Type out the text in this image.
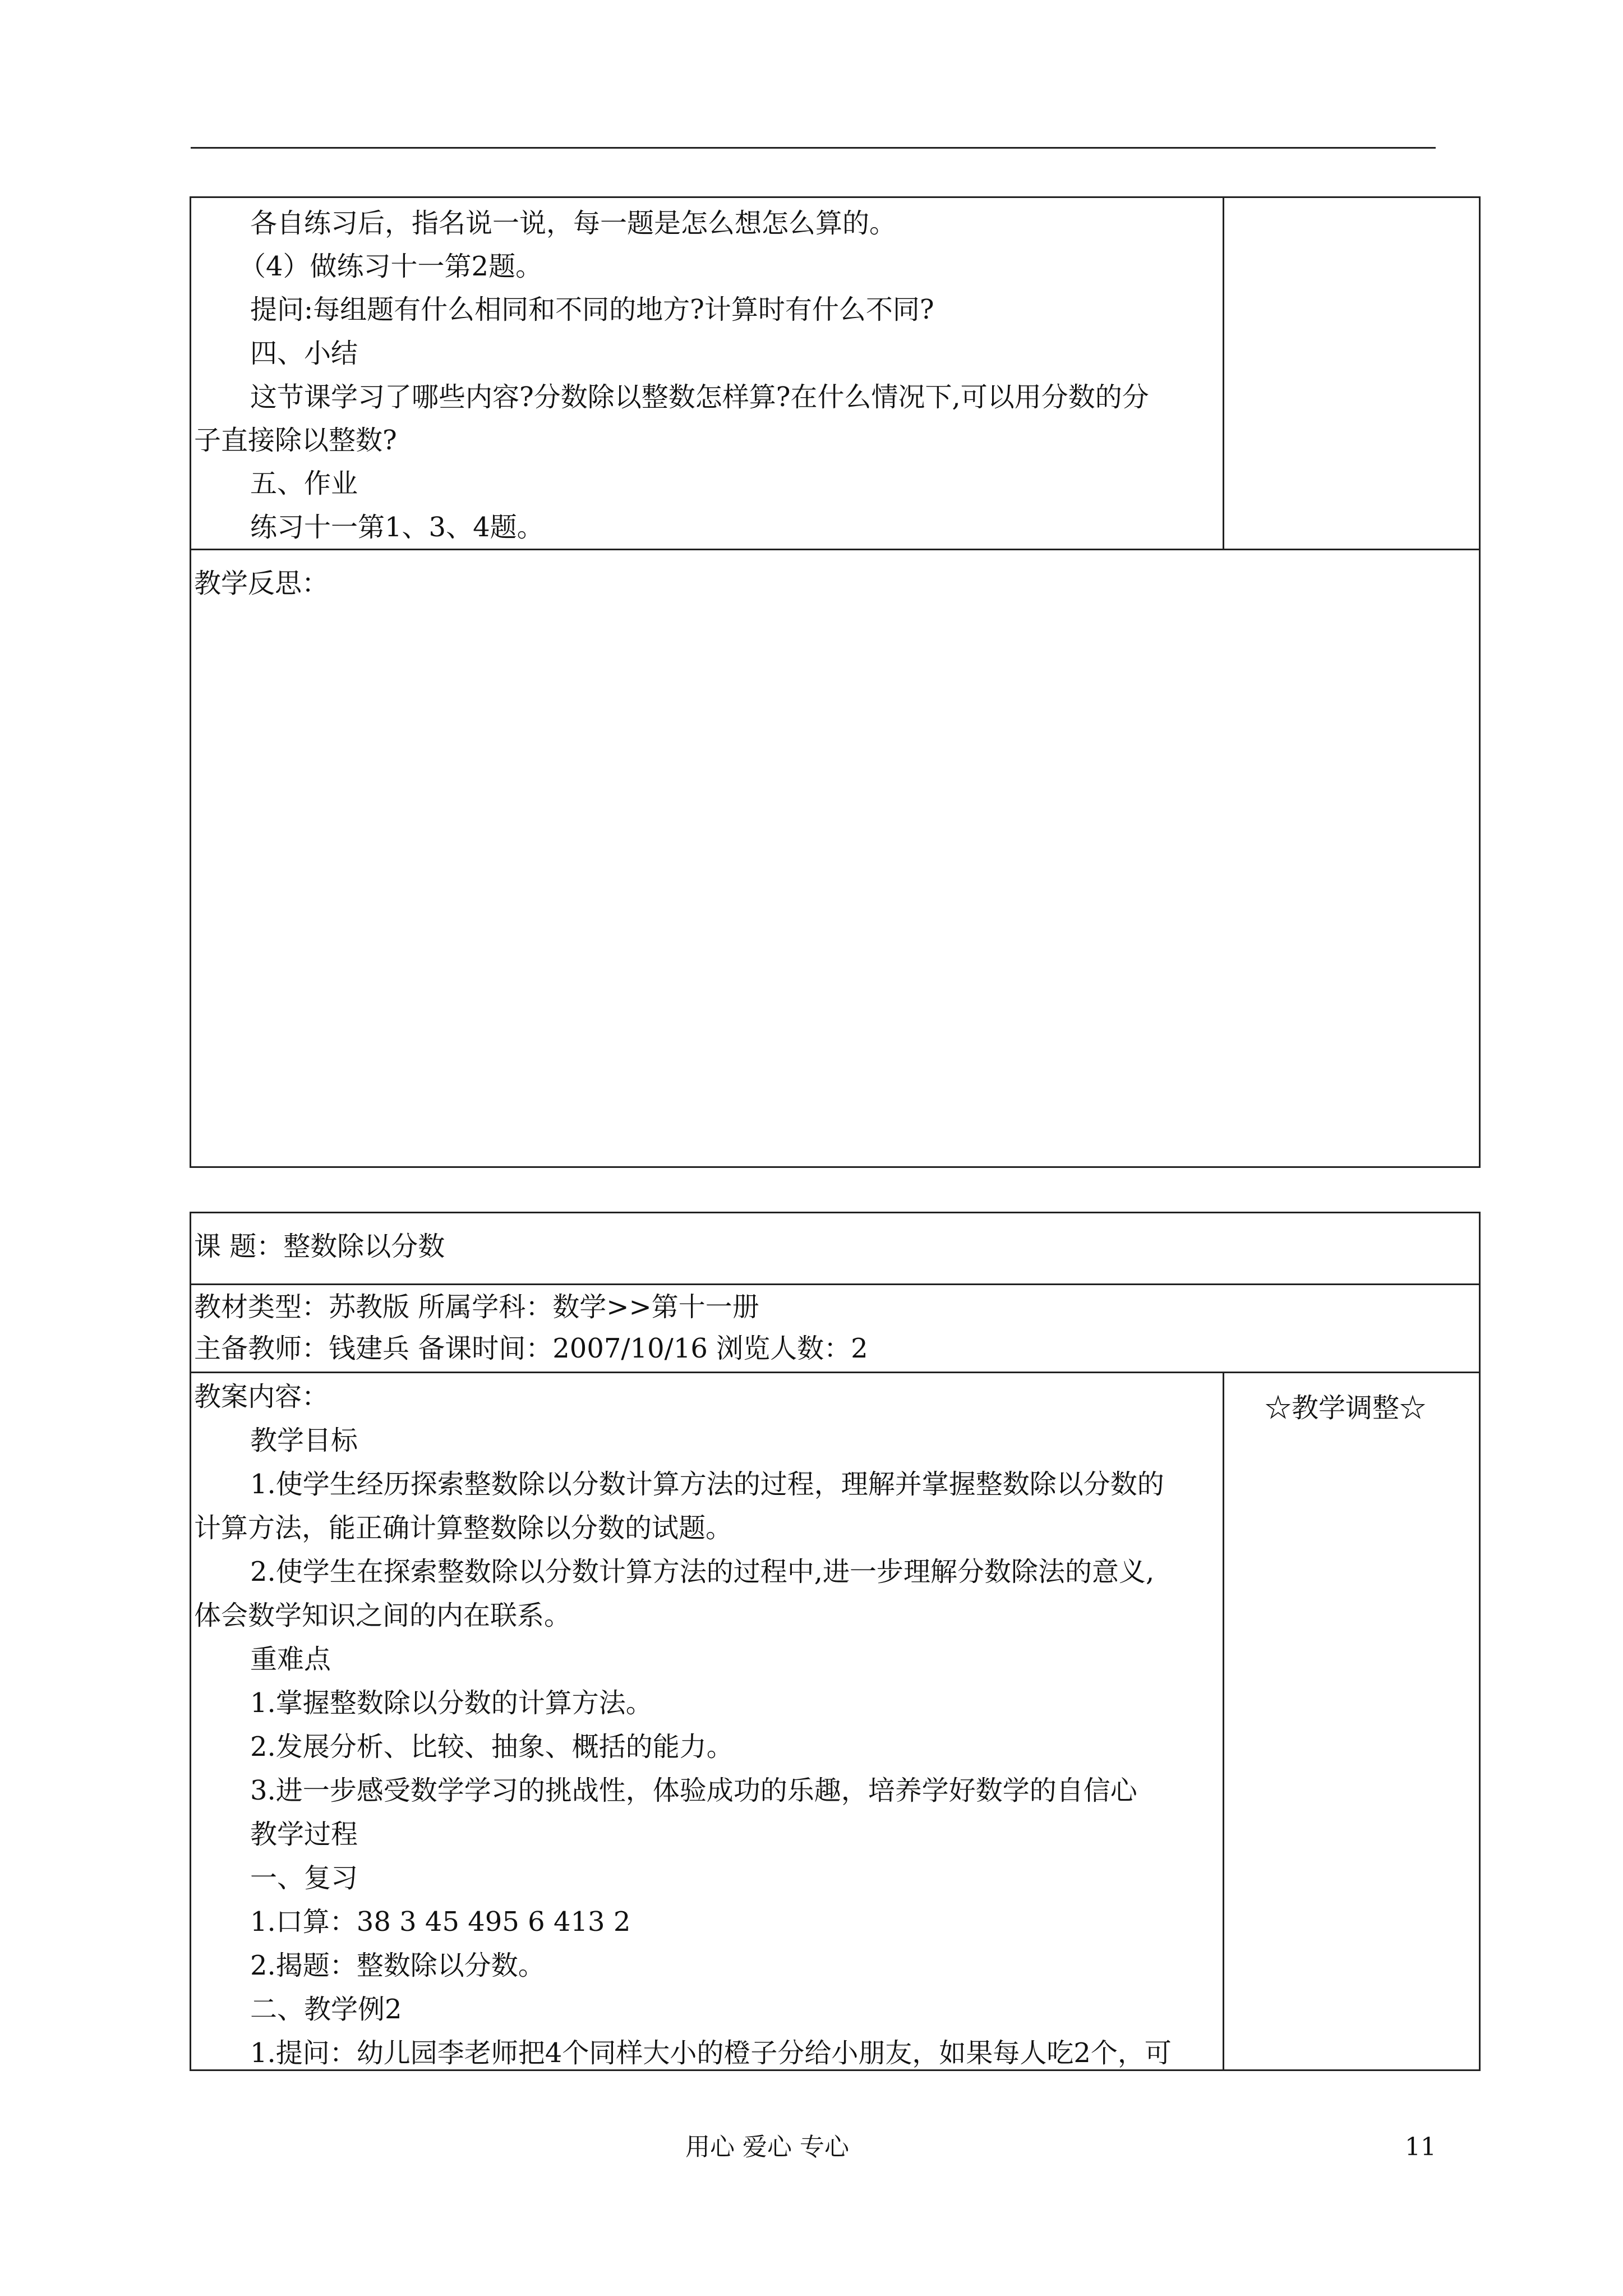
各自练习后，指名说一说，每一题是怎么想怎么算的。
（4）做练习十一第2题。
提问:每组题有什么相同和不同的地方?计算时有什么不同?
四、小结
这节课学习了哪些内容?分数除以整数怎样算?在什么情况下,可以用分数的分
子直接除以整数?
五、作业
练习十一第1、3、4题。
教学反思：
课 题：整数除以分数
教材类型：苏教版 所属学科：数学>>第十一册
主备教师：钱建兵 备课时间：2007/10/16 浏览人数：2
教案内容：	☆教学调整☆
教学目标
1.使学生经历探索整数除以分数计算方法的过程，理解并掌握整数除以分数的
计算方法，能正确计算整数除以分数的试题。
2.使学生在探索整数除以分数计算方法的过程中,进一步理解分数除法的意义,
体会数学知识之间的内在联系。
重难点
1.掌握整数除以分数的计算方法。
2.发展分析、比较、抽象、概括的能力。
3.进一步感受数学学习的挑战性，体验成功的乐趣，培养学好数学的自信心
教学过程
一、复习
1.口算：38 3 45 495 6 413 2
2.揭题：整数除以分数。
二、教学例2
1.提问：幼儿园李老师把4个同样大小的橙子分给小朋友，如果每人吃2个，可
用心 爱心 专心	11
